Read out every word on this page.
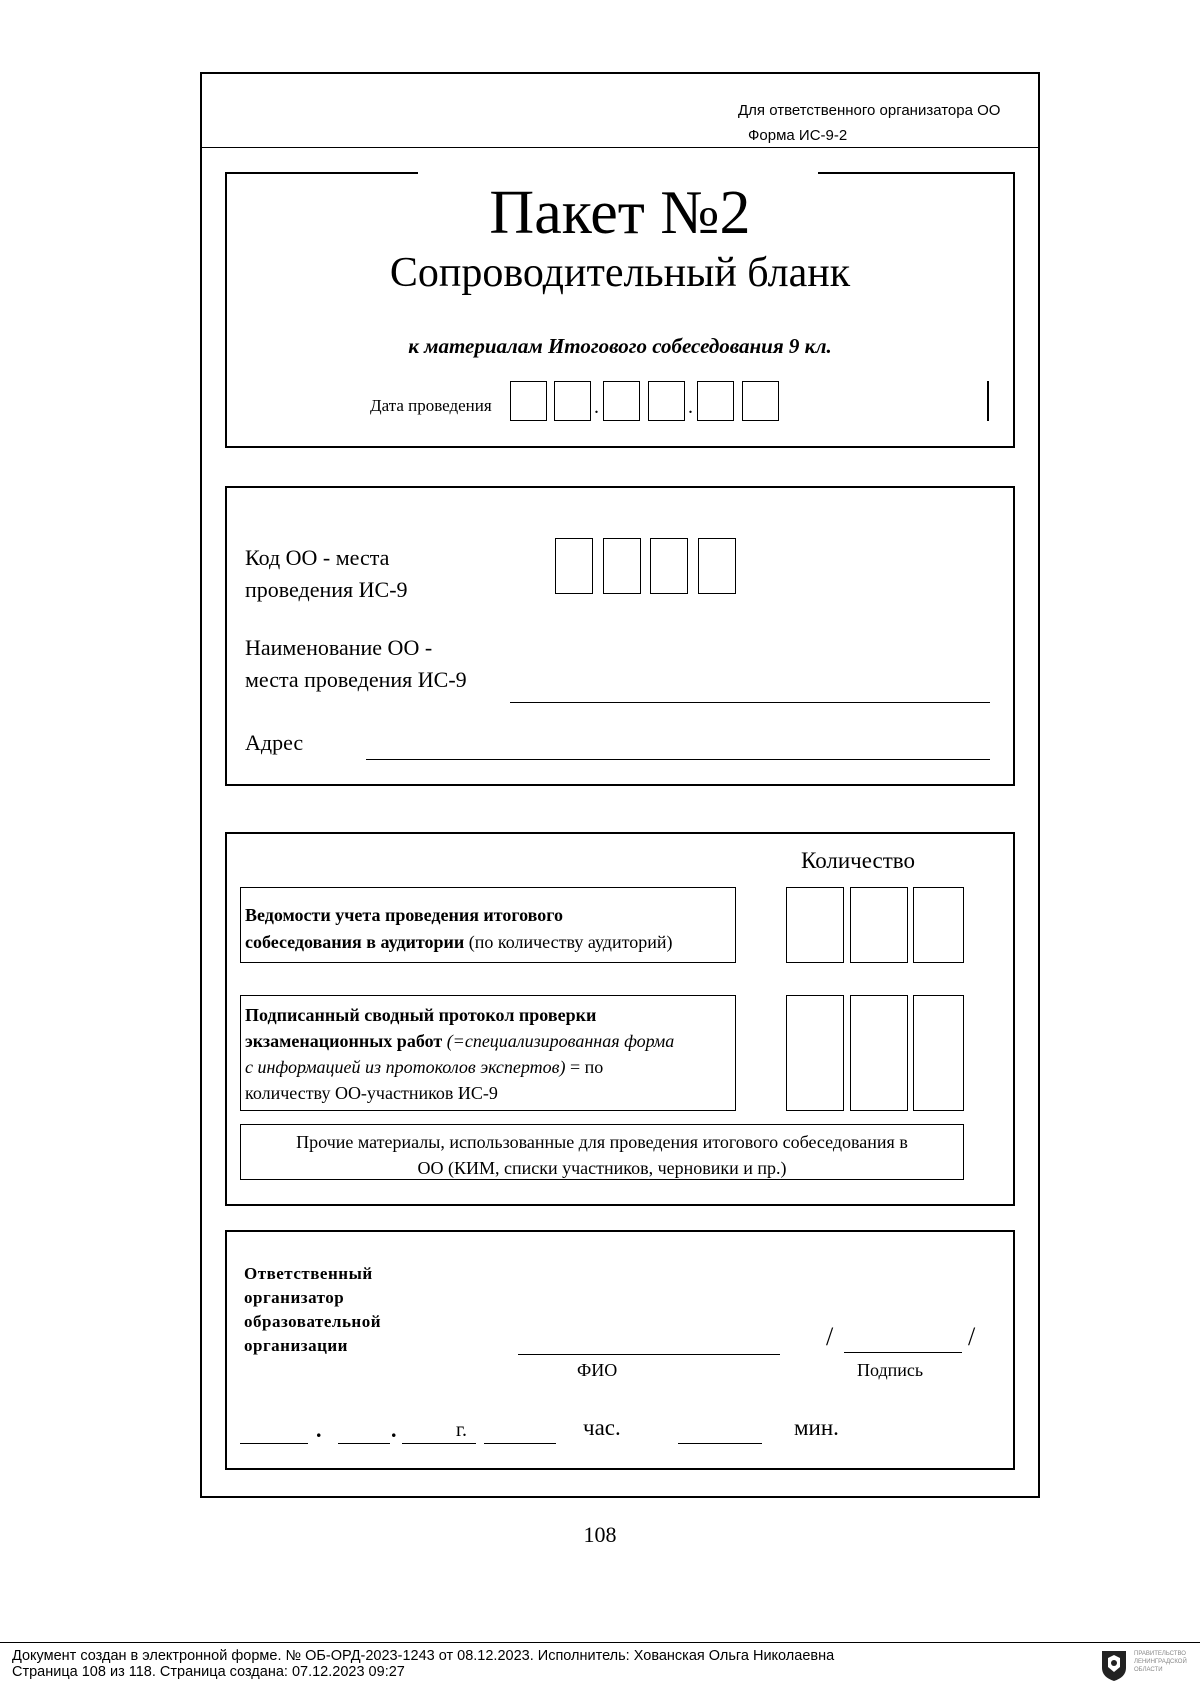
Для ответственного организатора ОО
Форма ИС-9-2
Пакет №2
Сопроводительный бланк
к материалам Итогового собеседования 9 кл.
Дата проведения	.	.
Код ОО - места
проведения ИС-9
Наименование ОО -
места проведения ИС-9
Адрес
Количество
Ведомости учета проведения итогового
собеседования в аудитории (по количеству аудиторий)
Подписанный сводный протокол проверки
экзаменационных работ (=специализированная форма
с информацией из протоколов экспертов) = по
количеству ОО-участников ИС-9
Прочие материалы, использованные для проведения итогового собеседования в
ОО (КИМ, списки участников, черновики и пр.)
Ответственный
организатор
образовательной
организации
ФИО
/	/
Подпись
.	.	г.	час.	мин.
108
Документ создан в электронной форме. № ОБ-ОРД-2023-1243 от 08.12.2023. Исполнитель: Хованская Ольга Николаевна
Страница 108 из 118. Страница создана: 07.12.2023 09:27
ПРАВИТЕЛЬСТВО ЛЕНИНГРАДСКОЙ ОБЛАСТИ
